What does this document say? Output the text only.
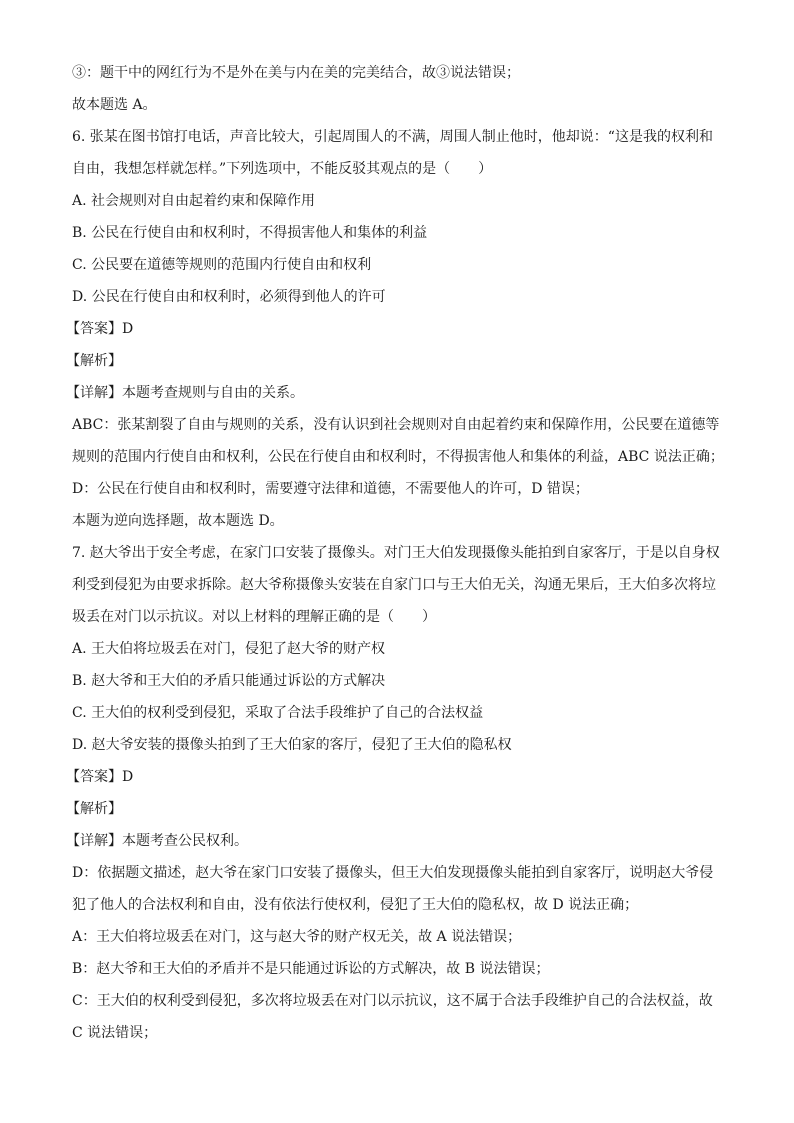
③：题干中的网红行为不是外在美与内在美的完美结合，故③说法错误；
故本题选 A。
6. 张某在图书馆打电话，声音比较大，引起周围人的不满，周围人制止他时，他却说：“这是我的权利和
自由，我想怎样就怎样。”下列选项中，不能反驳其观点的是（　　）
A. 社会规则对自由起着约束和保障作用
B. 公民在行使自由和权利时，不得损害他人和集体的利益
C. 公民要在道德等规则的范围内行使自由和权利
D. 公民在行使自由和权利时，必须得到他人的许可
【答案】D
【解析】
【详解】本题考查规则与自由的关系。
ABC：张某割裂了自由与规则的关系，没有认识到社会规则对自由起着约束和保障作用，公民要在道德等
规则的范围内行使自由和权利，公民在行使自由和权利时，不得损害他人和集体的利益，ABC 说法正确；
D：公民在行使自由和权利时，需要遵守法律和道德，不需要他人的许可，D 错误；
本题为逆向选择题，故本题选 D。
7. 赵大爷出于安全考虑，在家门口安装了摄像头。对门王大伯发现摄像头能拍到自家客厅，于是以自身权
利受到侵犯为由要求拆除。赵大爷称摄像头安装在自家门口与王大伯无关，沟通无果后，王大伯多次将垃
圾丢在对门以示抗议。对以上材料的理解正确的是（　　）
A. 王大伯将垃圾丢在对门，侵犯了赵大爷的财产权
B. 赵大爷和王大伯的矛盾只能通过诉讼的方式解决
C. 王大伯的权利受到侵犯，采取了合法手段维护了自己的合法权益
D. 赵大爷安装的摄像头拍到了王大伯家的客厅，侵犯了王大伯的隐私权
【答案】D
【解析】
【详解】本题考查公民权利。
D：依据题文描述，赵大爷在家门口安装了摄像头，但王大伯发现摄像头能拍到自家客厅，说明赵大爷侵
犯了他人的合法权利和自由，没有依法行使权利，侵犯了王大伯的隐私权，故 D 说法正确；
A：王大伯将垃圾丢在对门，这与赵大爷的财产权无关，故 A 说法错误；
B：赵大爷和王大伯的矛盾并不是只能通过诉讼的方式解决，故 B 说法错误；
C：王大伯的权利受到侵犯，多次将垃圾丢在对门以示抗议，这不属于合法手段维护自己的合法权益，故
C 说法错误；
